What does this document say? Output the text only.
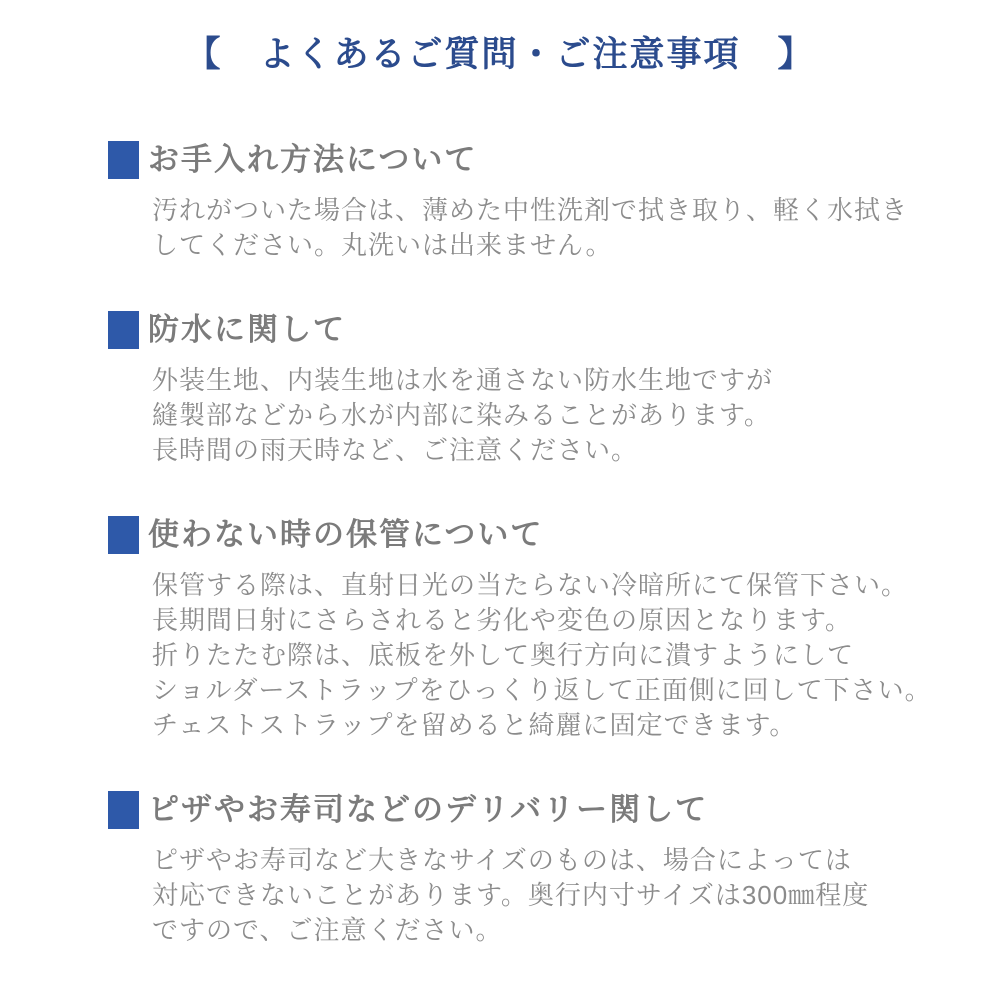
【　よくあるご質問・ご注意事項　】
お手入れ方法について
汚れがついた場合は、薄めた中性洗剤で拭き取り、軽く水拭き
してください。丸洗いは出来ません。
防水に関して
外装生地、内装生地は水を通さない防水生地ですが
縫製部などから水が内部に染みることがあります。
長時間の雨天時など、ご注意ください。
使わない時の保管について
保管する際は、直射日光の当たらない冷暗所にて保管下さい。
長期間日射にさらされると劣化や変色の原因となります。
折りたたむ際は、底板を外して奥行方向に潰すようにして
ショルダーストラップをひっくり返して正面側に回して下さい。
チェストストラップを留めると綺麗に固定できます。
ピザやお寿司などのデリバリー関して
ピザやお寿司など大きなサイズのものは、場合によっては
対応できないことがあります。奥行内寸サイズは300㎜程度
ですので、ご注意ください。
